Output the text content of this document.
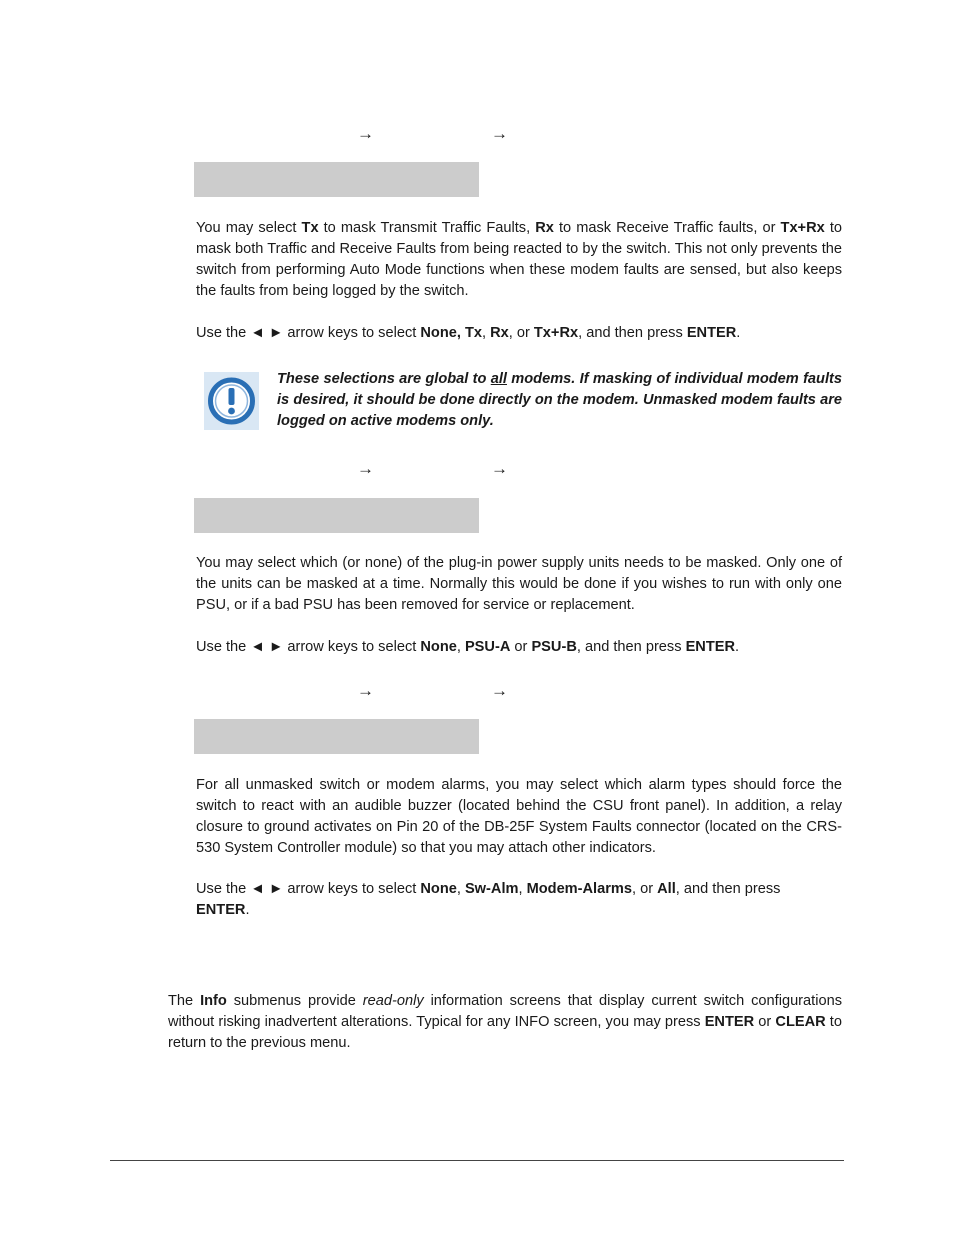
→	→
You may select Tx to mask Transmit Traffic Faults, Rx to mask Receive Traffic faults, or Tx+Rx to mask both Traffic and Receive Faults from being reacted to by the switch. This not only prevents the switch from performing Auto Mode functions when these modem faults are sensed, but also keeps the faults from being logged by the switch.
Use the ◄ ► arrow keys to select None, Tx, Rx, or Tx+Rx, and then press ENTER.
These selections are global to all modems. If masking of individual modem faults is desired, it should be done directly on the modem. Unmasked modem faults are logged on active modems only.
→	→
You may select which (or none) of the plug-in power supply units needs to be masked. Only one of the units can be masked at a time. Normally this would be done if you wishes to run with only one PSU, or if a bad PSU has been removed for service or replacement.
Use the ◄ ► arrow keys to select None, PSU-A or PSU-B, and then press ENTER.
→	→
For all unmasked switch or modem alarms, you may select which alarm types should force the switch to react with an audible buzzer (located behind the CSU front panel). In addition, a relay closure to ground activates on Pin 20 of the DB-25F System Faults connector (located on the CRS-530 System Controller module) so that you may attach other indicators.
Use the ◄ ► arrow keys to select None, Sw-Alm, Modem-Alarms, or All, and then press
ENTER.
The Info submenus provide read-only information screens that display current switch configurations without risking inadvertent alterations. Typical for any INFO screen, you may press ENTER or CLEAR to return to the previous menu.
